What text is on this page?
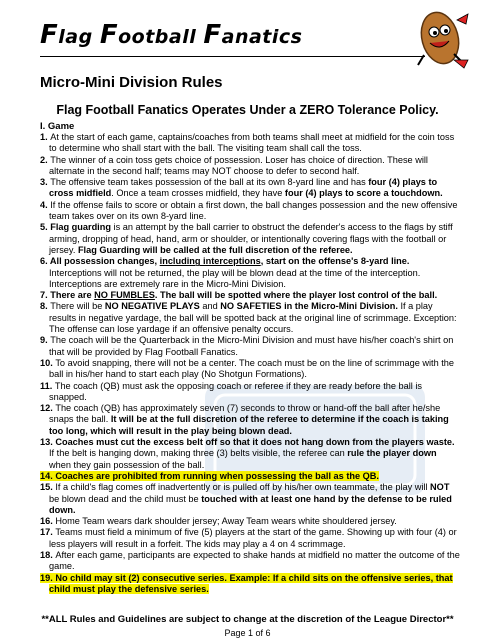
Flag Football Fanatics
Micro-Mini Division Rules
Flag Football Fanatics Operates Under a ZERO Tolerance Policy.
I. Game

1. At the start of each game, captains/coaches from both teams shall meet at midfield for the coin toss to determine who shall start with the ball. The visiting team shall call the toss.

2. The winner of a coin toss gets choice of possession. Loser has choice of direction. These will alternate in the second half; teams may NOT choose to defer to second half.

3. The offensive team takes possession of the ball at its own 8-yard line and has four (4) plays to cross midfield. Once a team crosses midfield, they have four (4) plays to score a touchdown.

4. If the offense fails to score or obtain a first down, the ball changes possession and the new offensive team takes over on its own 8-yard line.

5. Flag guarding is an attempt by the ball carrier to obstruct the defender's access to the flags by stiff arming, dropping of head, hand, arm or shoulder, or intentionally covering flags with the football or jersey. Flag Guarding will be called at the full discretion of the referee.

6. All possession changes, including interceptions, start on the offense's 8-yard line. Interceptions will not be returned, the play will be blown dead at the time of the interception. Interceptions are extremely rare in the Micro-Mini Division.

7. There are NO FUMBLES. The ball will be spotted where the player lost control of the ball.

8. There will be NO NEGATIVE PLAYS and NO SAFETIES in the Micro-Mini Division. If a play results in negative yardage, the ball will be spotted back at the original line of scrimmage. Exception: The offense can lose yardage if an offensive penalty occurs.

9. The coach will be the Quarterback in the Micro-Mini Division and must have his/her coach's shirt on that will be provided by Flag Football Fanatics.

10. To avoid snapping, there will not be a center. The coach must be on the line of scrimmage with the ball in his/her hand to start each play (No Shotgun Formations).

11. The coach (QB) must ask the opposing coach or referee if they are ready before the ball is snapped.

12. The coach (QB) has approximately seven (7) seconds to throw or hand-off the ball after he/she snaps the ball. It will be at the full discretion of the referee to determine if the coach is taking too long, which will result in the play being blown dead.

13. Coaches must cut the excess belt off so that it does not hang down from the players waste. If the belt is hanging down, making three (3) belts visible, the referee can rule the player down when they gain possession of the ball.

14. Coaches are prohibited from running when possessing the ball as the QB.

15. If a child's flag comes off inadvertently or is pulled off by his/her own teammate, the play will NOT be blown dead and the child must be touched with at least one hand by the defense to be ruled down.

16. Home Team wears dark shoulder jersey; Away Team wears white shouldered jersey.

17. Teams must field a minimum of five (5) players at the start of the game. Showing up with four (4) or less players will result in a forfeit. The kids may play a 4 on 4 scrimmage.

18. After each game, participants are expected to shake hands at midfield no matter the outcome of the game.

19. No child may sit (2) consecutive series. Example: If a child sits on the offensive series, that child must play the defensive series.

**ALL Rules and Guidelines are subject to change at the discretion of the League Director**
Page 1 of 6
